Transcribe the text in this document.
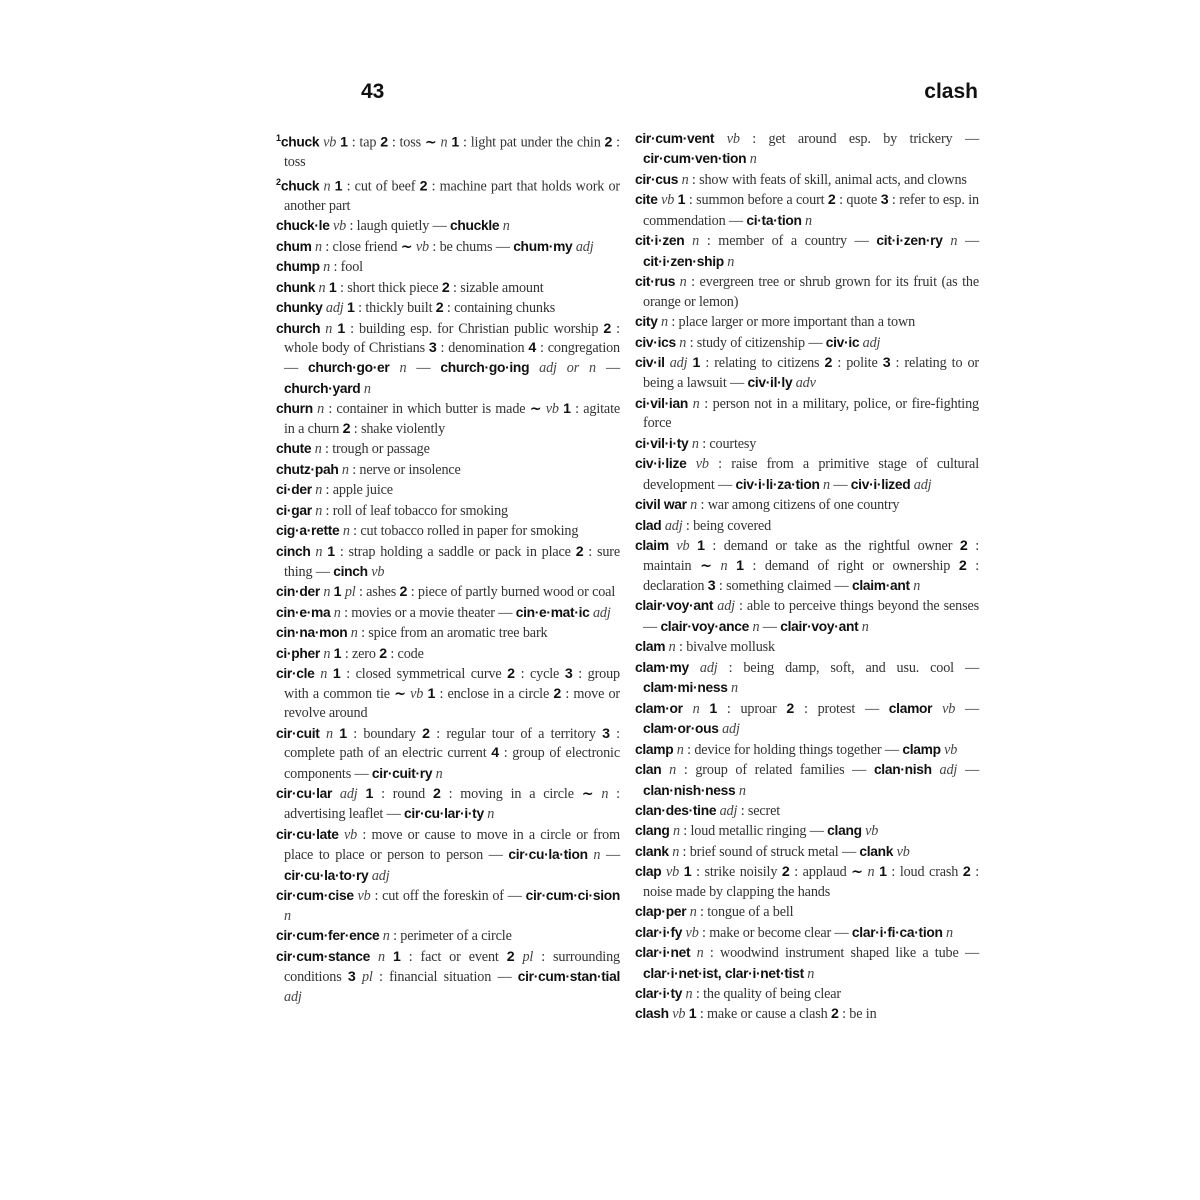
43	clash

$^1$chuck vb 1 : tap 2 : toss ~ n 1 : light pat under the chin 2 : toss

$^2$chuck n 1 : cut of beef 2 : machine part that holds work or another part

chuck·le vb : laugh quietly — chuckle n

chum n : close friend ~ vb : be chums — chum·my adj

chump n : fool

chunk n 1 : short thick piece 2 : sizable amount

chunky adj 1 : thickly built 2 : containing chunks

church n 1 : building esp. for Christian public worship 2 : whole body of Christians 3 : denomination 4 : congregation — church·go·er n — church·go·ing adj or n — church·yard n

churn n : container in which butter is made ~ vb 1 : agitate in a churn 2 : shake violently

chute n : trough or passage

chutz·pah n : nerve or insolence

ci·der n : apple juice

ci·gar n : roll of leaf tobacco for smoking

cig·a·rette n : cut tobacco rolled in paper for smoking

cinch n 1 : strap holding a saddle or pack in place 2 : sure thing — cinch vb

cin·der n 1 pl : ashes 2 : piece of partly burned wood or coal

cin·e·ma n : movies or a movie theater — cin·e·mat·ic adj

cin·na·mon n : spice from an aromatic tree bark

ci·pher n 1 : zero 2 : code

cir·cle n 1 : closed symmetrical curve 2 : cycle 3 : group with a common tie ~ vb 1 : enclose in a circle 2 : move or revolve around

cir·cuit n 1 : boundary 2 : regular tour of a territory 3 : complete path of an electric current 4 : group of electronic components — cir·cuit·ry n

cir·cu·lar adj 1 : round 2 : moving in a circle ~ n : advertising leaflet — cir·cu·lar·i·ty n

cir·cu·late vb : move or cause to move in a circle or from place to place or person to person — cir·cu·la·tion n — cir·cu·la·to·ry adj

cir·cum·cise vb : cut off the foreskin of — cir·cum·ci·sion n

cir·cum·fer·ence n : perimeter of a circle

cir·cum·stance n 1 : fact or event 2 pl : surrounding conditions 3 pl : financial situation — cir·cum·stan·tial adj

cir·cum·vent vb : get around esp. by trickery — cir·cum·ven·tion n

cir·cus n : show with feats of skill, animal acts, and clowns

cite vb 1 : summon before a court 2 : quote 3 : refer to esp. in commendation — ci·ta·tion n

cit·i·zen n : member of a country — cit·i·zen·ry n — cit·i·zen·ship n

cit·rus n : evergreen tree or shrub grown for its fruit (as the orange or lemon)

city n : place larger or more important than a town

civ·ics n : study of citizenship — civ·ic adj

civ·il adj 1 : relating to citizens 2 : polite 3 : relating to or being a lawsuit — civ·il·ly adv

ci·vil·ian n : person not in a military, police, or fire-fighting force

ci·vil·i·ty n : courtesy

civ·i·lize vb : raise from a primitive stage of cultural development — civ·i·li·za·tion n — civ·i·lized adj

civil war n : war among citizens of one country

clad adj : being covered

claim vb 1 : demand or take as the rightful owner 2 : maintain ~ n 1 : demand of right or ownership 2 : declaration 3 : something claimed — claim·ant n

clair·voy·ant adj : able to perceive things beyond the senses — clair·voy·ance n — clair·voy·ant n

clam n : bivalve mollusk

clam·my adj : being damp, soft, and usu. cool — clam·mi·ness n

clam·or n 1 : uproar 2 : protest — clamor vb — clam·or·ous adj

clamp n : device for holding things together — clamp vb

clan n : group of related families — clan·nish adj — clan·nish·ness n

clan·des·tine adj : secret

clang n : loud metallic ringing — clang vb

clank n : brief sound of struck metal — clank vb

clap vb 1 : strike noisily 2 : applaud ~ n 1 : loud crash 2 : noise made by clapping the hands

clap·per n : tongue of a bell

clar·i·fy vb : make or become clear — clar·i·fi·ca·tion n

clar·i·net n : woodwind instrument shaped like a tube — clar·i·net·ist, clar·i·net·tist n

clar·i·ty n : the quality of being clear

clash vb 1 : make or cause a clash 2 : be in
